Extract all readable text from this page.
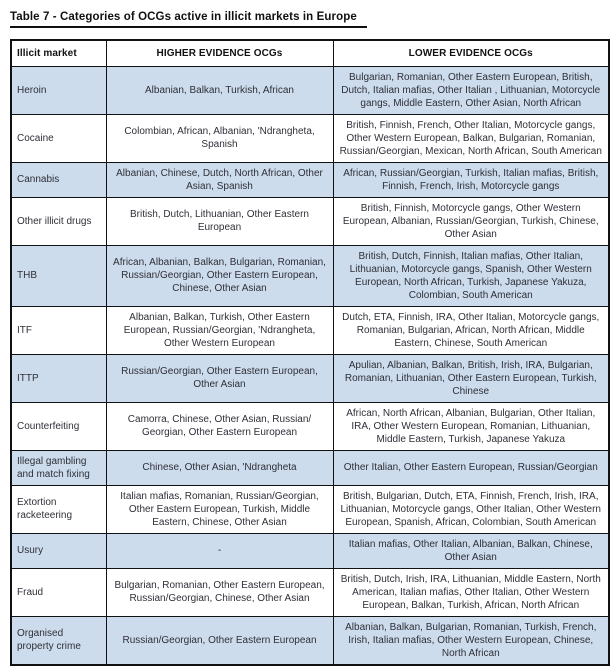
Table 7 - Categories of OCGs active in illicit markets in Europe
Illicit market	HIGHER EVIDENCE OCGs	LOWER EVIDENCE OCGs
Heroin	Albanian, Balkan, Turkish, African	Bulgarian, Romanian, Other Eastern European, British, Dutch, Italian mafias, Other Italian , Lithuanian, Motorcycle gangs, Middle Eastern, Other Asian, North African
Cocaine	Colombian, African, Albanian, 'Ndrangheta, Spanish	British, Finnish, French, Other Italian, Motorcycle gangs, Other Western European, Balkan, Bulgarian, Romanian, Russian/Georgian, Mexican, North African, South American
Cannabis	Albanian, Chinese, Dutch, North African, Other Asian, Spanish	African, Russian/Georgian, Turkish, Italian mafias, British, Finnish, French, Irish, Motorcycle gangs
Other illicit drugs	British, Dutch, Lithuanian, Other Eastern European	British, Finnish, Motorcycle gangs, Other Western European, Albanian, Russian/Georgian, Turkish, Chinese, Other Asian
THB	African, Albanian, Balkan, Bulgarian, Romanian, Russian/Georgian, Other Eastern European, Chinese, Other Asian	British, Dutch, Finnish, Italian mafias, Other Italian, Lithuanian, Motorcycle gangs, Spanish, Other Western European, North African, Turkish, Japanese Yakuza, Colombian, South American
ITF	Albanian, Balkan, Turkish, Other Eastern European, Russian/Georgian, 'Ndrangheta, Other Western European	Dutch, ETA, Finnish, IRA, Other Italian, Motorcycle gangs, Romanian, Bulgarian, African, North African, Middle Eastern, Chinese, South American
ITTP	Russian/Georgian, Other Eastern European, Other Asian	Apulian, Albanian, Balkan, British, Irish, IRA, Bulgarian, Romanian, Lithuanian, Other Eastern European, Turkish, Chinese
Counterfeiting	Camorra, Chinese, Other Asian, Russian/ Georgian, Other Eastern European	African, North African, Albanian, Bulgarian, Other Italian, IRA, Other Western European, Romanian, Lithuanian, Middle Eastern, Turkish, Japanese Yakuza
Illegal gambling and match fixing	Chinese, Other Asian, 'Ndrangheta	Other Italian, Other Eastern European, Russian/Georgian
Extortion racketeering	Italian mafias, Romanian, Russian/Georgian, Other Eastern European, Turkish, Middle Eastern, Chinese, Other Asian	British, Bulgarian, Dutch, ETA, Finnish, French, Irish, IRA, Lithuanian, Motorcycle gangs, Other Italian, Other Western European, Spanish, African, Colombian, South American
Usury	-	Italian mafias, Other Italian, Albanian, Balkan, Chinese, Other Asian
Fraud	Bulgarian, Romanian, Other Eastern European, Russian/Georgian, Chinese, Other Asian	British, Dutch, Irish, IRA, Lithuanian, Middle Eastern, North American, Italian mafias, Other Italian, Other Western European, Balkan, Turkish, African, North African
Organised property crime	Russian/Georgian, Other Eastern European	Albanian, Balkan, Bulgarian, Romanian, Turkish, French, Irish, Italian mafias, Other Western European, Chinese, North African
